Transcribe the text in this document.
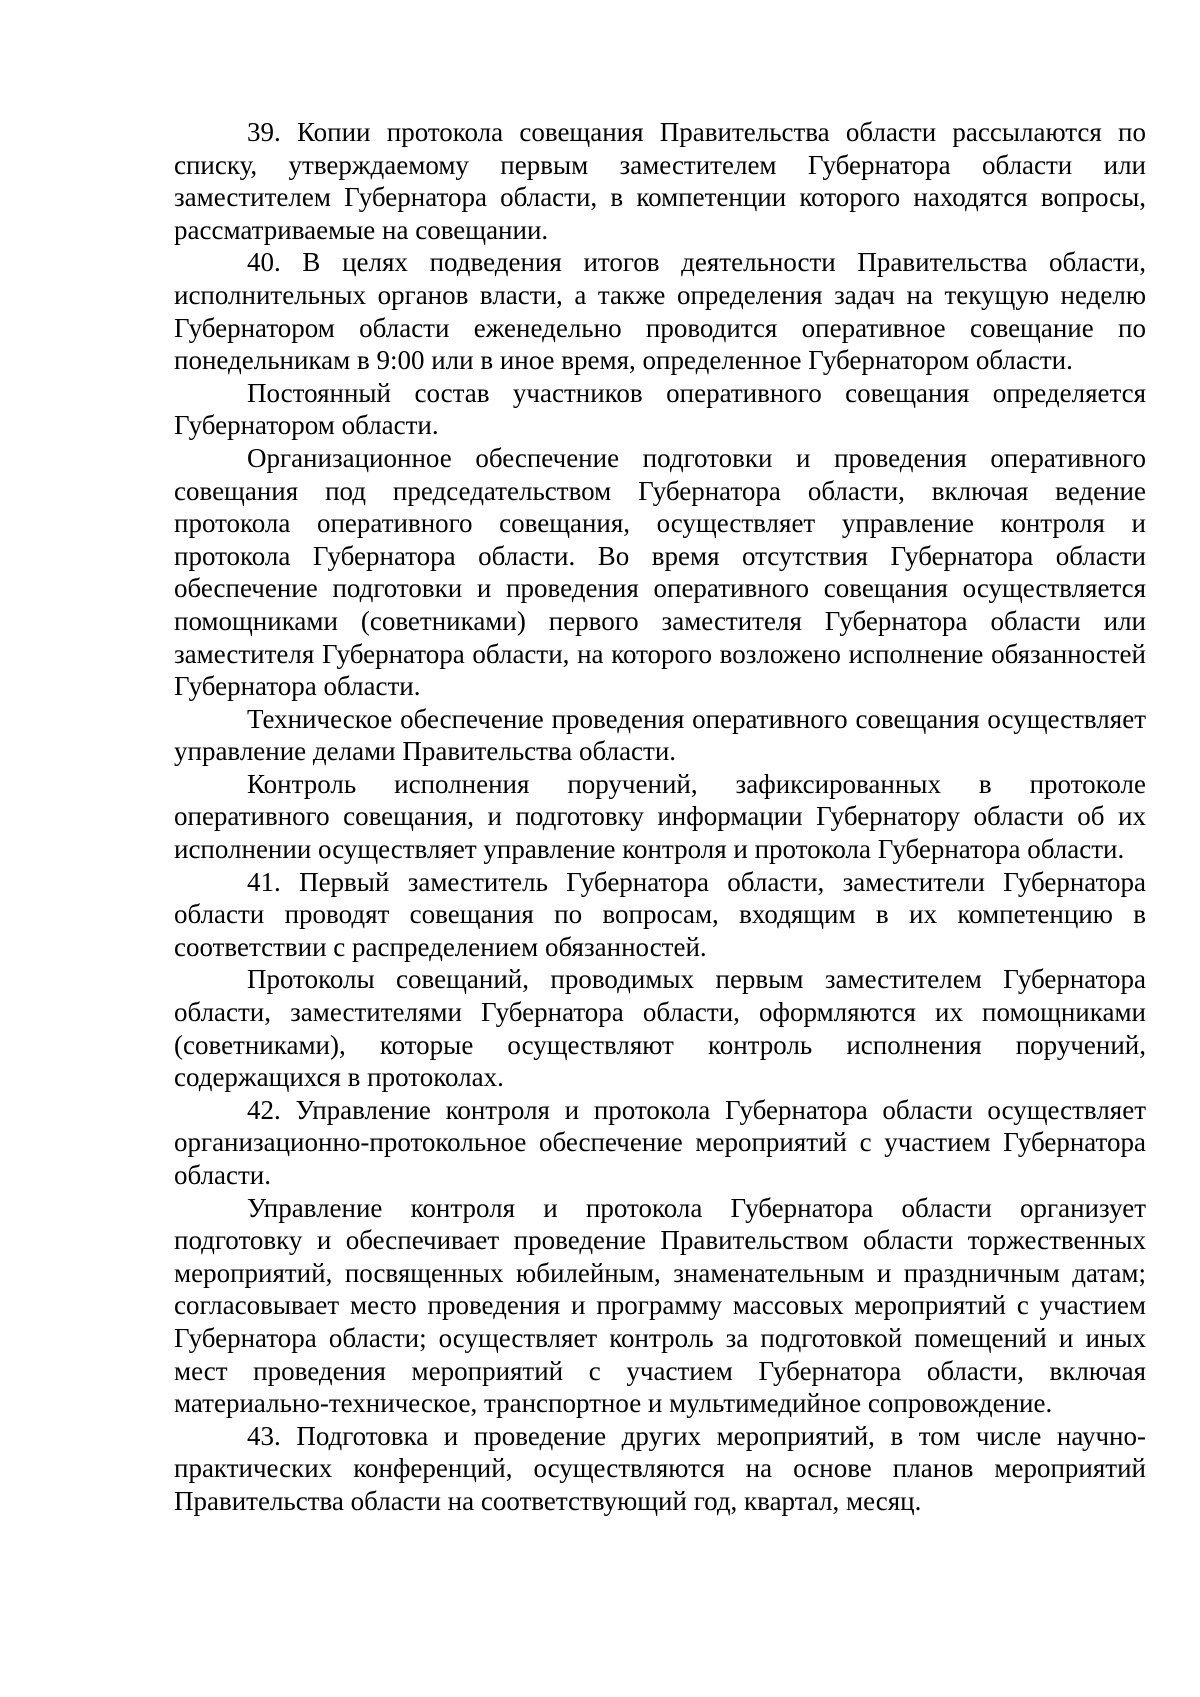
39. Копии протокола совещания Правительства области рассылаются по списку, утверждаемому первым заместителем Губернатора области или заместителем Губернатора области, в компетенции которого находятся вопросы, рассматриваемые на совещании.

40. В целях подведения итогов деятельности Правительства области, исполнительных органов власти, а также определения задач на текущую неделю Губернатором области еженедельно проводится оперативное совещание по понедельникам в 9:00 или в иное время, определенное Губернатором области.

Постоянный состав участников оперативного совещания определяется Губернатором области.

Организационное обеспечение подготовки и проведения оперативного совещания под председательством Губернатора области, включая ведение протокола оперативного совещания, осуществляет управление контроля и протокола Губернатора области. Во время отсутствия Губернатора области обеспечение подготовки и проведения оперативного совещания осуществляется помощниками (советниками) первого заместителя Губернатора области или заместителя Губернатора области, на которого возложено исполнение обязанностей Губернатора области.

Техническое обеспечение проведения оперативного совещания осуществляет управление делами Правительства области.

Контроль исполнения поручений, зафиксированных в протоколе оперативного совещания, и подготовку информации Губернатору области об их исполнении осуществляет управление контроля и протокола Губернатора области.

41. Первый заместитель Губернатора области, заместители Губернатора области проводят совещания по вопросам, входящим в их компетенцию в соответствии с распределением обязанностей.

Протоколы совещаний, проводимых первым заместителем Губернатора области, заместителями Губернатора области, оформляются их помощниками (советниками), которые осуществляют контроль исполнения поручений, содержащихся в протоколах.

42. Управление контроля и протокола Губернатора области осуществляет организационно-протокольное обеспечение мероприятий с участием Губернатора области.

Управление контроля и протокола Губернатора области организует подготовку и обеспечивает проведение Правительством области торжественных мероприятий, посвященных юбилейным, знаменательным и праздничным датам; согласовывает место проведения и программу массовых мероприятий с участием Губернатора области; осуществляет контроль за подготовкой помещений и иных мест проведения мероприятий с участием Губернатора области, включая материально-техническое, транспортное и мультимедийное сопровождение.

43. Подготовка и проведение других мероприятий, в том числе научно-практических конференций, осуществляются на основе планов мероприятий Правительства области на соответствующий год, квартал, месяц.
